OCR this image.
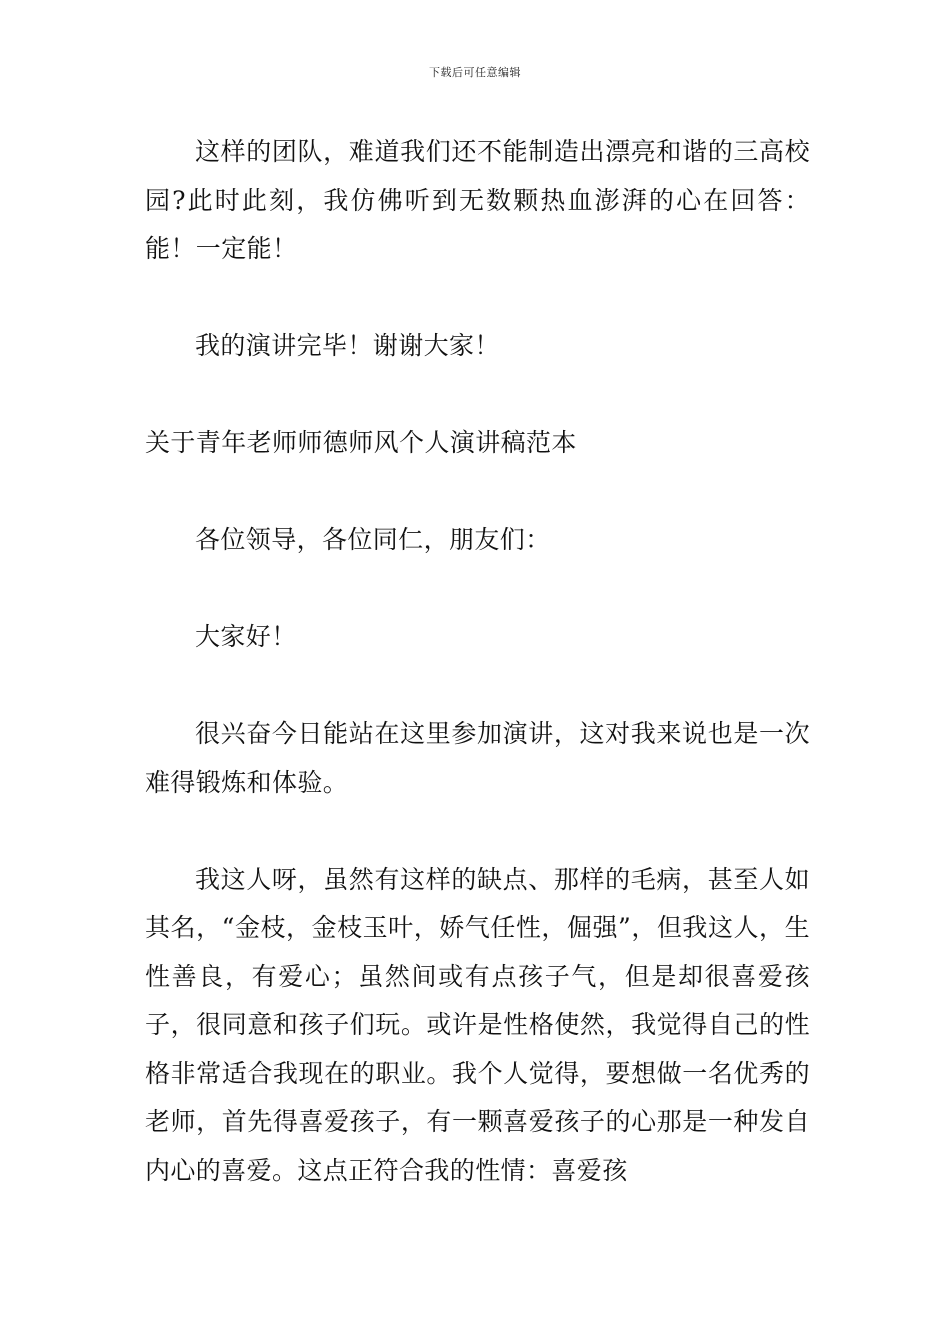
下载后可任意编辑

这样的团队，难道我们还不能制造出漂亮和谐的三高校园?此时此刻，我仿佛听到无数颗热血澎湃的心在回答：能！一定能！

我的演讲完毕！谢谢大家！

关于青年老师师德师风个人演讲稿范本

各位领导，各位同仁，朋友们：

大家好！

很兴奋今日能站在这里参加演讲，这对我来说也是一次难得锻炼和体验。

我这人呀，虽然有这样的缺点、那样的毛病，甚至人如其名，“金枝，金枝玉叶，娇气任性，倔强”，但我这人，生性善良，有爱心；虽然间或有点孩子气，但是却很喜爱孩子，很同意和孩子们玩。或许是性格使然，我觉得自己的性格非常适合我现在的职业。我个人觉得，要想做一名优秀的老师，首先得喜爱孩子，有一颗喜爱孩子的心那是一种发自内心的喜爱。这点正符合我的性情：喜爱孩
